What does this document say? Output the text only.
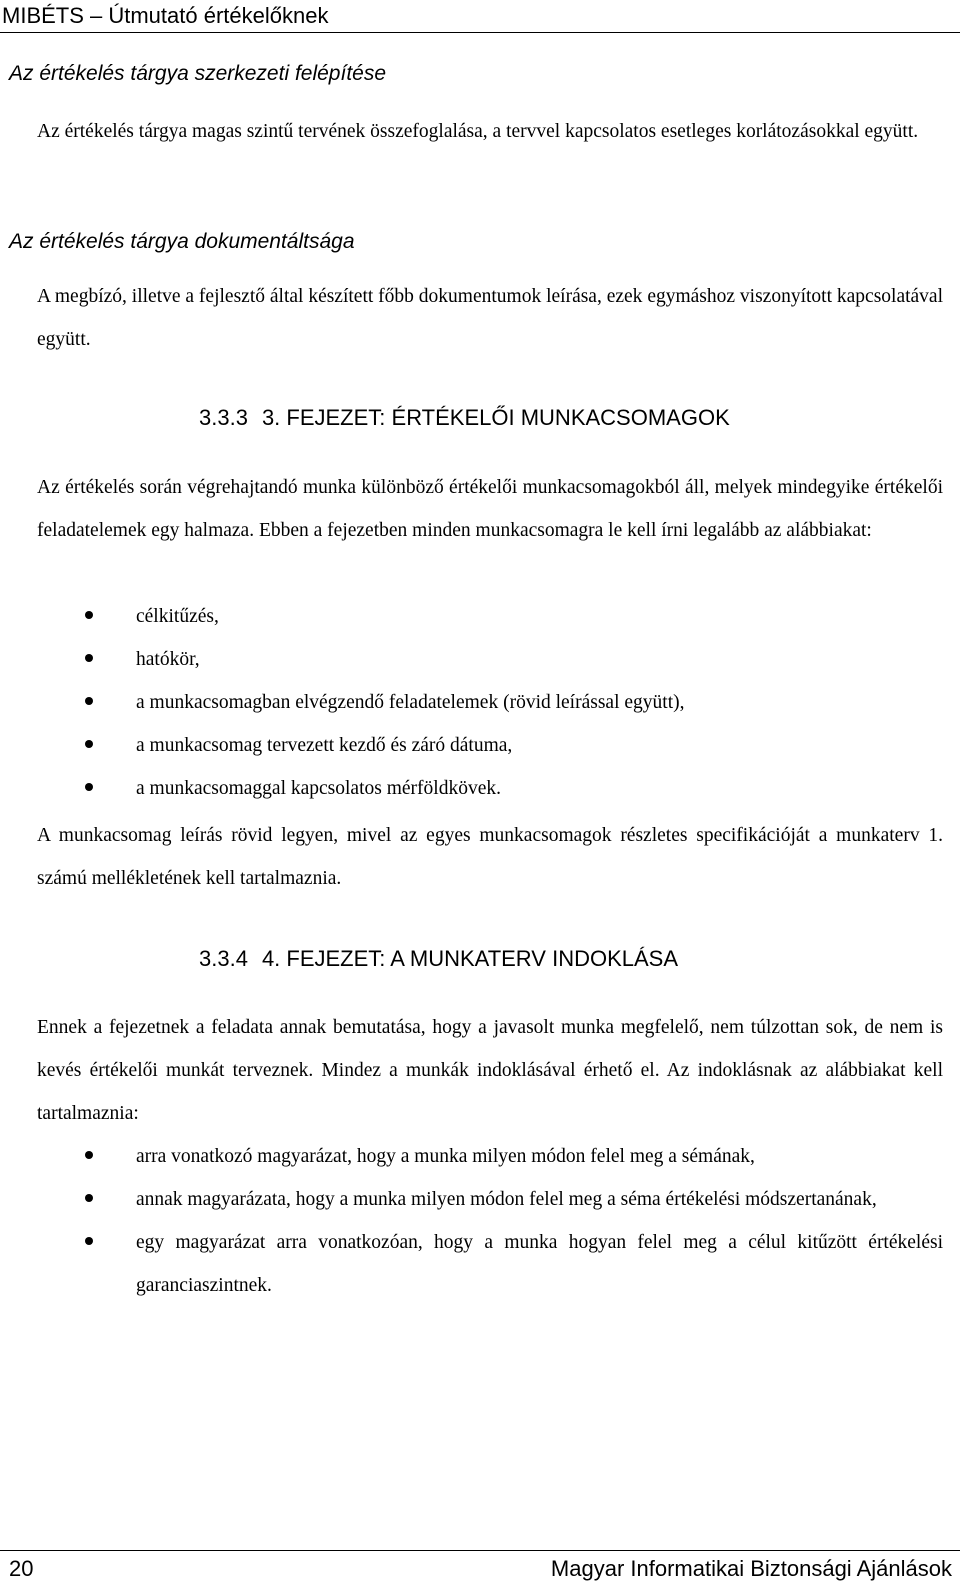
MIBÉTS – Útmutató értékelőknek
Az értékelés tárgya szerkezeti felépítése
Az értékelés tárgya magas szintű tervének összefoglalása, a tervvel kapcsolatos esetleges korlátozásokkal együtt.
Az értékelés tárgya dokumentáltsága
A megbízó, illetve a fejlesztő által készített főbb dokumentumok leírása, ezek egymáshoz viszonyított kapcsolatával együtt.
3.3.3 3. FEJEZET: ÉRTÉKELŐI MUNKACSOMAGOK
Az értékelés során végrehajtandó munka különböző értékelői munkacsomagokból áll, melyek mindegyike értékelői feladatelemek egy halmaza. Ebben a fejezetben minden munkacsomagra le kell írni legalább az alábbiakat:
célkitűzés,
hatókör,
a munkacsomagban elvégzendő feladatelemek (rövid leírással együtt),
a munkacsomag tervezett kezdő és záró dátuma,
a munkacsomaggal kapcsolatos mérföldkövek.
A munkacsomag leírás rövid legyen, mivel az egyes munkacsomagok részletes specifikációját a munkaterv 1. számú mellékletének kell tartalmaznia.
3.3.4 4. FEJEZET: A MUNKATERV INDOKLÁSA
Ennek a fejezetnek a feladata annak bemutatása, hogy a javasolt munka megfelelő, nem túlzottan sok, de nem is kevés értékelői munkát terveznek. Mindez a munkák indoklásával érhető el. Az indoklásnak az alábbiakat kell tartalmaznia:
arra vonatkozó magyarázat, hogy a munka milyen módon felel meg a sémának,
annak magyarázata, hogy a munka milyen módon felel meg a séma értékelési módszertanának,
egy magyarázat arra vonatkozóan, hogy a munka hogyan felel meg a célul kitűzött értékelési garanciaszintnek.
20	Magyar Informatikai Biztonsági Ajánlások
